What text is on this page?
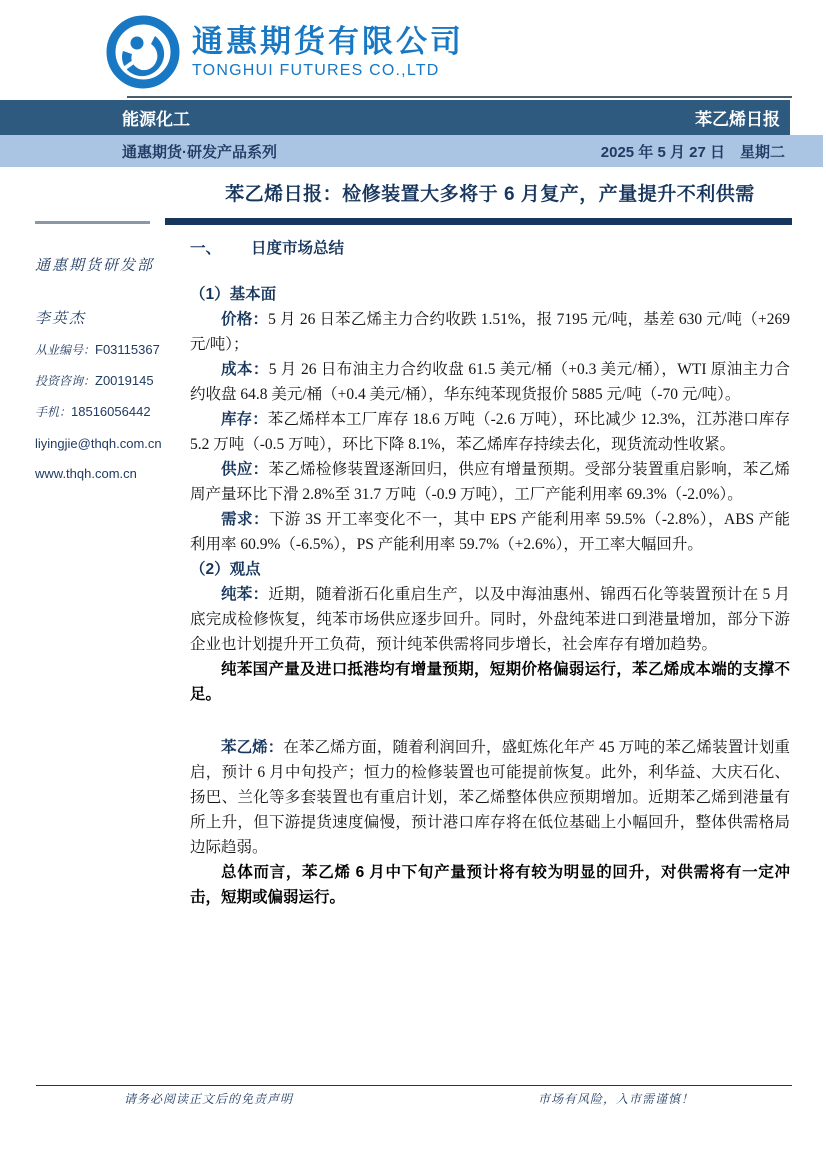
通惠期货有限公司
TONGHUI FUTURES CO.,LTD
能源化工	苯乙烯日报
通惠期货·研发产品系列	2025 年 5 月 27 日　星期二
苯乙烯日报：检修装置大多将于 6 月复产，产量提升不利供需
通惠期货研发部
李英杰
从业编号：F03115367
投资咨询：Z0019145
手机：18516056442
liyingjie@thqh.com.cn
www.thqh.com.cn
一、 日度市场总结
（1）基本面

价格：5 月 26 日苯乙烯主力合约收跌 1.51%，报 7195 元/吨，基差 630 元/吨（+269 元/吨）；

成本：5 月 26 日布油主力合约收盘 61.5 美元/桶（+0.3 美元/桶），WTI 原油主力合约收盘 64.8 美元/桶（+0.4 美元/桶），华东纯苯现货报价 5885 元/吨（-70 元/吨）。

库存：苯乙烯样本工厂库存 18.6 万吨（-2.6 万吨），环比减少 12.3%，江苏港口库存 5.2 万吨（-0.5 万吨），环比下降 8.1%，苯乙烯库存持续去化，现货流动性收紧。

供应：苯乙烯检修装置逐渐回归，供应有增量预期。受部分装置重启影响，苯乙烯周产量环比下滑 2.8%至 31.7 万吨（-0.9 万吨），工厂产能利用率 69.3%（-2.0%）。

需求：下游 3S 开工率变化不一，其中 EPS 产能利用率 59.5%（-2.8%），ABS 产能利用率 60.9%（-6.5%），PS 产能利用率 59.7%（+2.6%），开工率大幅回升。

（2）观点

纯苯：近期，随着浙石化重启生产，以及中海油惠州、锦西石化等装置预计在 5 月底完成检修恢复，纯苯市场供应逐步回升。同时，外盘纯苯进口到港量增加，部分下游企业也计划提升开工负荷，预计纯苯供需将同步增长，社会库存有增加趋势。

纯苯国产量及进口抵港均有增量预期，短期价格偏弱运行，苯乙烯成本端的支撑不足。

苯乙烯：在苯乙烯方面，随着利润回升，盛虹炼化年产 45 万吨的苯乙烯装置计划重启，预计 6 月中旬投产；恒力的检修装置也可能提前恢复。此外，利华益、大庆石化、扬巴、兰化等多套装置也有重启计划，苯乙烯整体供应预期增加。近期苯乙烯到港量有所上升，但下游提货速度偏慢，预计港口库存将在低位基础上小幅回升，整体供需格局边际趋弱。

总体而言，苯乙烯 6 月中下旬产量预计将有较为明显的回升，对供需将有一定冲击，短期或偏弱运行。

请务必阅读正文后的免责声明	市场有风险，入市需谨慎！
